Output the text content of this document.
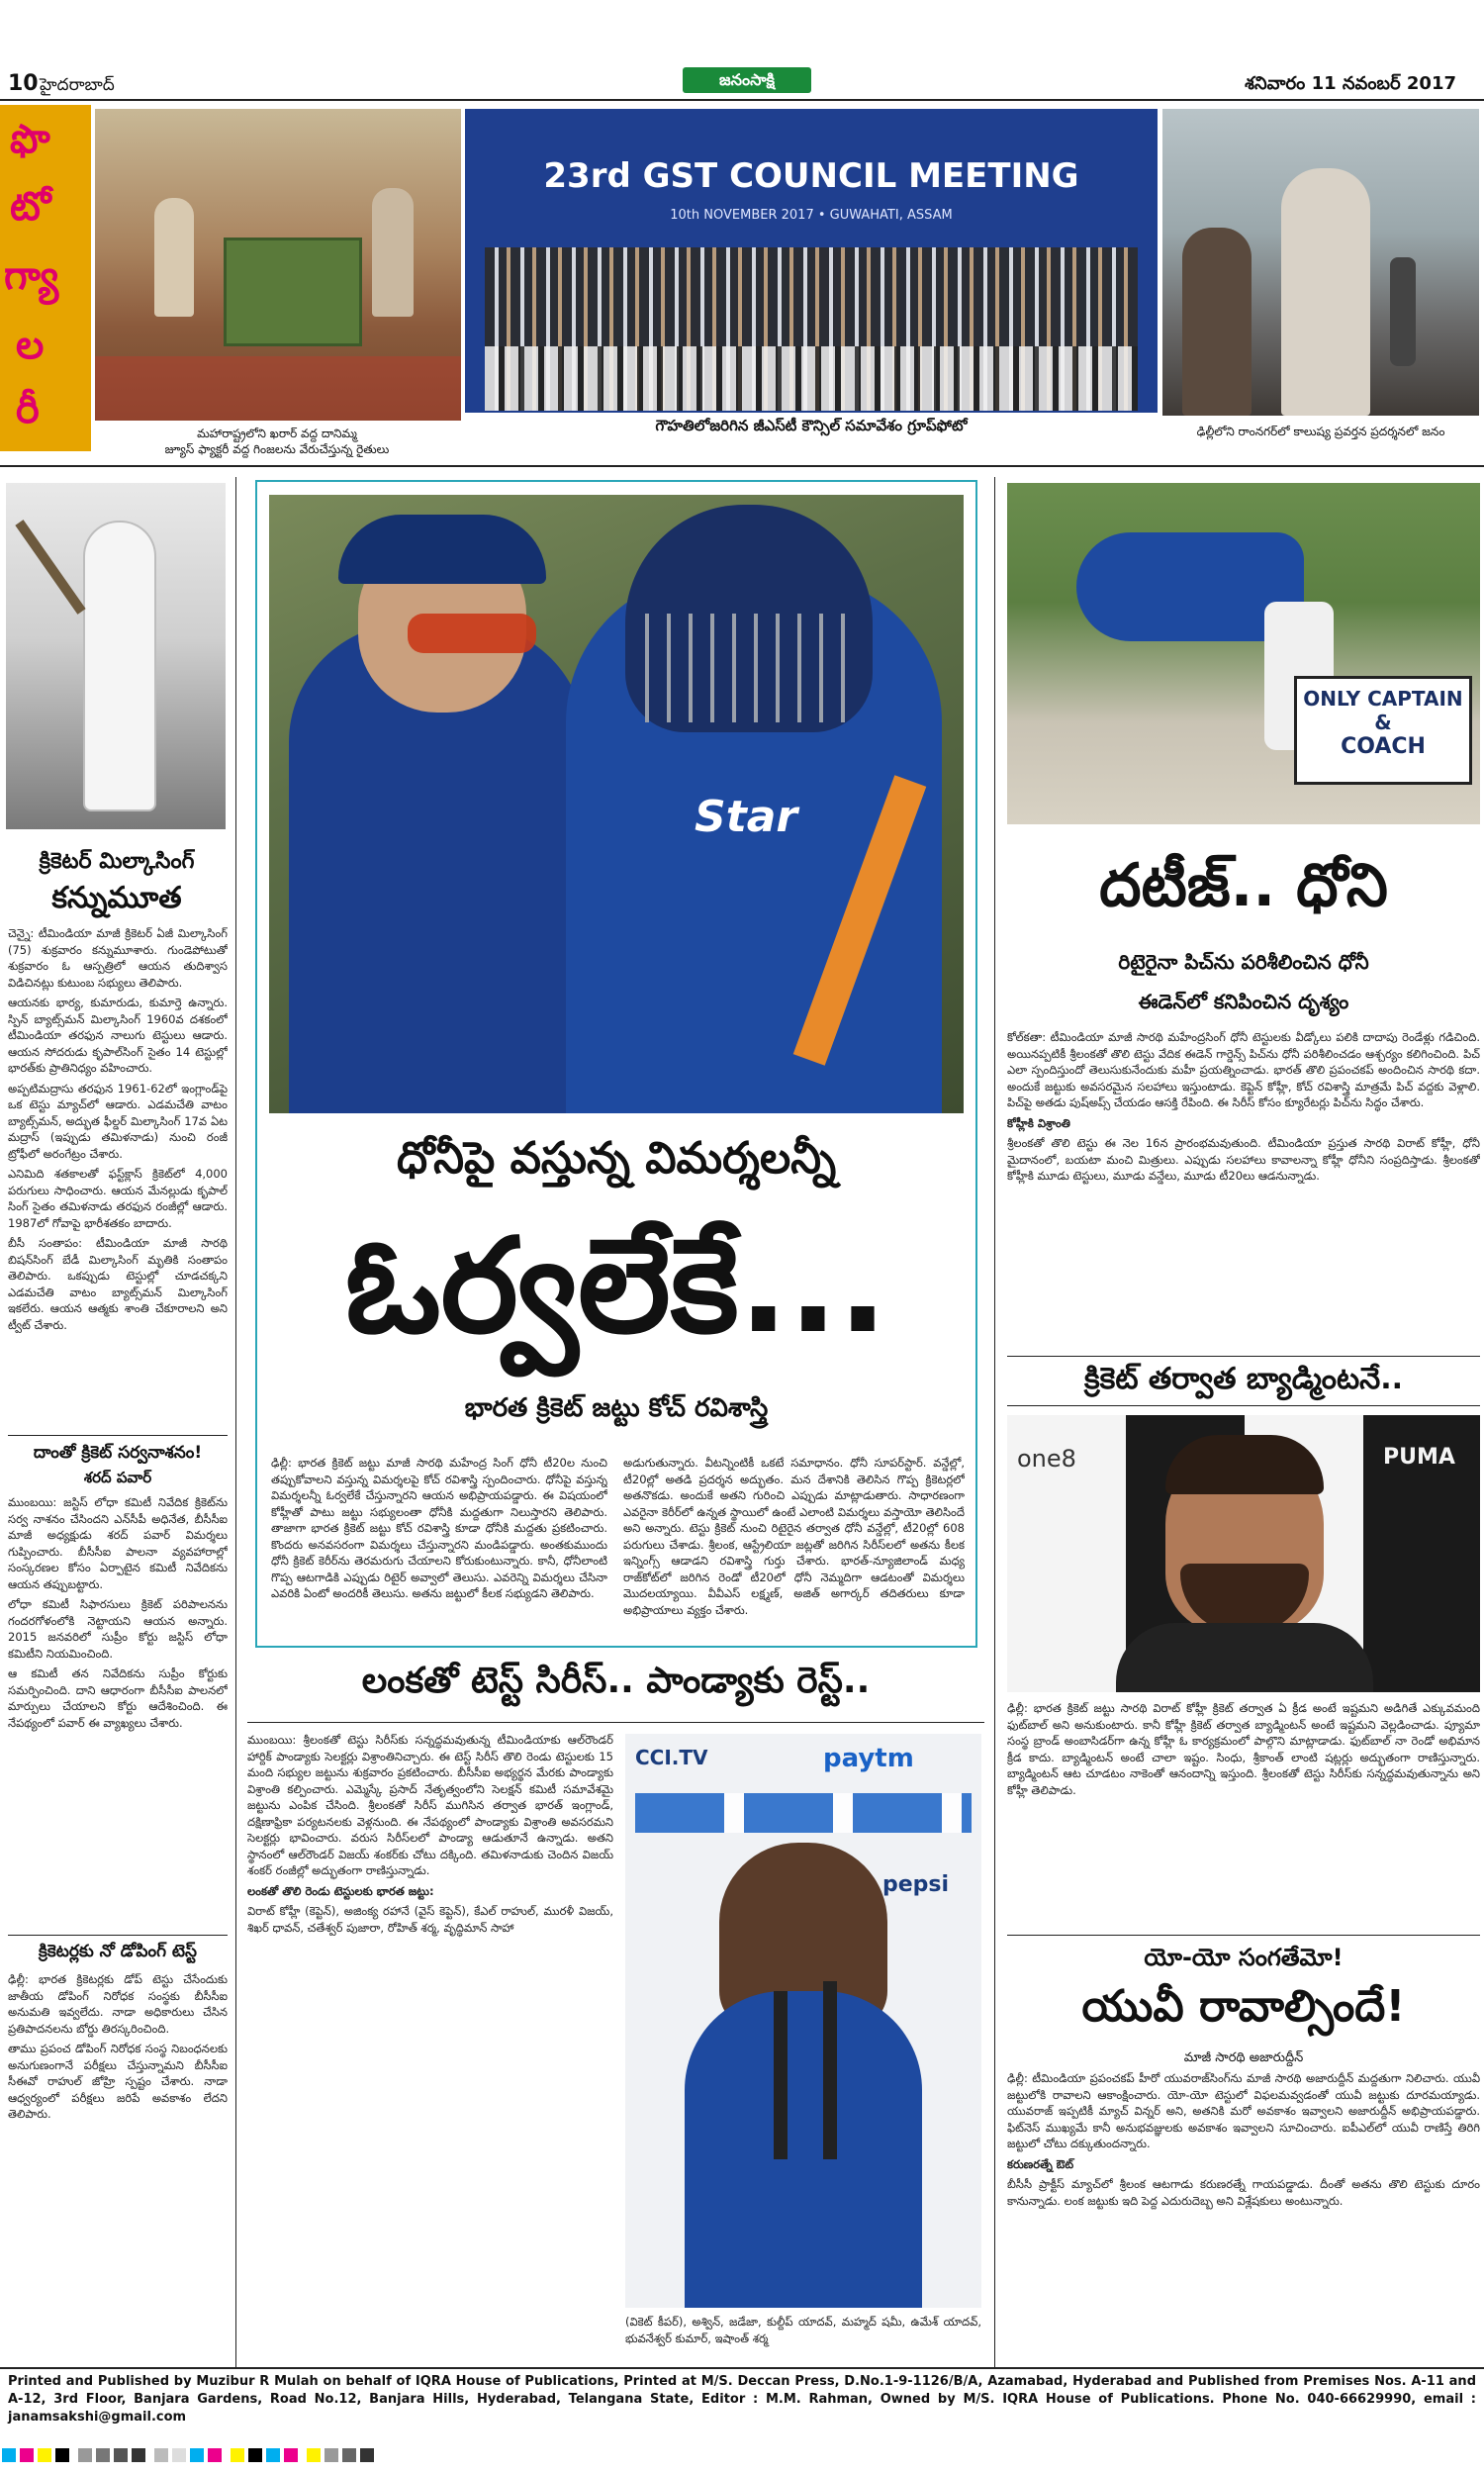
10 హైదరాబాద్	జనంసాక్షి	శనివారం 11 నవంబర్ 2017
ఫొ
టో
గ్యా
ల
రీ
మహారాష్ట్రలోని ఖరార్ వద్ద దానిమ్మ
జ్యూస్ ఫ్యాక్టరీ వద్ద గింజలను వేరుచేస్తున్న రైతులు
23rd GST COUNCIL MEETING
10th NOVEMBER 2017 • GUWAHATI, ASSAM
గౌహతిలోజరిగిన జీఎస్‌టీ కౌన్సిల్ సమావేశం గ్రూప్‌ఫోటో	ఢిల్లీలోని రాంనగర్‌లో కాలుష్య ప్రవర్తన ప్రదర్శనలో జనం
క్రికెటర్ మిల్కాసింగ్
కన్నుమూత

చెన్నై: టీమిండియా మాజీ క్రికెటర్ ఏజీ మిల్కాసింగ్ (75) శుక్రవారం కన్నుమూశారు. గుండెపోటుతో శుక్రవారం ఓ ఆస్పత్రిలో ఆయన తుదిశ్వాస విడిచినట్లు కుటుంబ సభ్యులు తెలిపారు.

ఆయనకు భార్య, కుమారుడు, కుమార్తె ఉన్నారు. స్పిన్ బ్యాట్స్‌మన్ మిల్కాసింగ్ 1960వ దశకంలో టీమిండియా తరఫున నాలుగు టెస్టులు ఆడారు. ఆయన సోదరుడు కృపాల్‌సింగ్ సైతం 14 టెస్టుల్లో భారత్‌కు ప్రాతినిధ్యం వహించారు.

అప్పటిమద్రాసు తరఫున 1961-62లో ఇంగ్లాండ్‌పై ఒక టెస్టు మ్యాచ్‌లో ఆడారు. ఎడమచేతి వాటం బ్యాట్స్‌మన్, అద్భుత ఫీల్డర్ మిల్కాసింగ్ 17వ ఏట మద్రాస్ (ఇప్పుడు తమిళనాడు) నుంచి రంజీ ట్రోఫీలో అరంగేట్రం చేశారు.

ఎనిమిది శతకాలతో ఫస్ట్‌క్లాస్ క్రికెట్‌లో 4,000 పరుగులు సాధించారు. ఆయన మేనల్లుడు కృపాల్ సింగ్ సైతం తమిళనాడు తరఫున రంజీల్లో ఆడారు. 1987లో గోవాపై భారీశతకం బాదారు.

బీసీ సంతాపం: టీమిండియా మాజీ సారథి బిషన్‌సింగ్ బేడీ మిల్కాసింగ్ మృతికి సంతాపం తెలిపారు. ఒకప్పుడు టెస్టుల్లో చూడచక్కని ఎడమచేతి వాటం బ్యాట్స్‌మన్ మిల్కాసింగ్ ఇకలేరు. ఆయన ఆత్మకు శాంతి చేకూరాలని అని ట్వీట్ చేశారు.

దాంతో క్రికెట్ సర్వనాశనం!
శరద్ పవార్

ముంబయి: జస్టిస్ లోధా కమిటీ నివేదిక క్రికెట్‌ను సర్వ నాశనం చేసిందని ఎన్‌సీపీ అధినేత, బీసీసీఐ మాజీ అధ్యక్షుడు శరద్ పవార్ విమర్శలు గుప్పించారు. బీసీసీఐ పాలనా వ్యవహారాల్లో సంస్కరణల కోసం ఏర్పాటైన కమిటీ నివేదికను ఆయన తప్పుబట్టారు.

లోధా కమిటీ సిఫారసులు క్రికెట్ పరిపాలనను గందరగోళంలోకి నెట్టాయని ఆయన అన్నారు. 2015 జనవరిలో సుప్రీం కోర్టు జస్టిస్ లోధా కమిటీని నియమించింది.

ఆ కమిటీ తన నివేదికను సుప్రీం కోర్టుకు సమర్పించింది. దాని ఆధారంగా బీసీసీఐ పాలనలో మార్పులు చేయాలని కోర్టు ఆదేశించింది. ఈ నేపథ్యంలో పవార్ ఈ వ్యాఖ్యలు చేశారు.

క్రికెటర్లకు నో డోపింగ్ టెస్ట్

ఢిల్లీ: భారత క్రికెటర్లకు డోప్ టెస్టు చేసేందుకు జాతీయ డోపింగ్ నిరోధక సంస్థకు బీసీసీఐ అనుమతి ఇవ్వలేదు. నాడా అధికారులు చేసిన ప్రతిపాదనలను బోర్డు తిరస్కరించింది.

తాము ప్రపంచ డోపింగ్ నిరోధక సంస్థ నిబంధనలకు అనుగుణంగానే పరీక్షలు చేస్తున్నామని బీసీసీఐ సీఈవో రాహుల్ జోహ్రి స్పష్టం చేశారు. నాడా ఆధ్వర్యంలో పరీక్షలు జరిపే అవకాశం లేదని తెలిపారు.

Star
ధోనీపై వస్తున్న విమర్శలన్నీ
ఓర్వలేకే...
భారత క్రికెట్ జట్టు కోచ్ రవిశాస్త్రి
ఢిల్లీ: భారత క్రికెట్ జట్టు మాజీ సారథి మహేంద్ర సింగ్ ధోనీ టీ20ల నుంచి తప్పుకోవాలని వస్తున్న విమర్శలపై కోచ్ రవిశాస్త్రి స్పందించారు. ధోనీపై వస్తున్న విమర్శలన్నీ ఓర్వలేకే చేస్తున్నారని ఆయన అభిప్రాయపడ్డారు. ఈ విషయంలో కోహ్లీతో పాటు జట్టు సభ్యులంతా ధోనీకి మద్దతుగా నిలుస్తారని తెలిపారు. తాజాగా భారత క్రికెట్ జట్టు కోచ్ రవిశాస్త్రి కూడా ధోనీకి మద్దతు ప్రకటించారు. కొందరు అనవసరంగా విమర్శలు చేస్తున్నారని మండిపడ్డారు. అంతకుముందు ధోనీ క్రికెట్ కెరీర్‌ను తెరమరుగు చేయాలని కోరుకుంటున్నారు. కానీ, ధోనీలాంటి గొప్ప ఆటగాడికి ఎప్పుడు రిటైర్ అవ్వాలో తెలుసు. ఎవరెన్ని విమర్శలు చేసినా ఎవరికి ఏంటో అందరికీ తెలుసు. అతను జట్టులో కీలక సభ్యుడని తెలిపారు.
అడుగుతున్నారు. వీటన్నింటికీ ఒకటే సమాధానం. ధోనీ సూపర్‌స్టార్. వన్డేల్లో, టీ20ల్లో అతడి ప్రదర్శన అద్భుతం. మన దేశానికి తెలిసిన గొప్ప క్రికెటర్లలో అతనొకడు. అందుకే అతని గురించి ఎప్పుడు మాట్లాడుతారు. సాధారణంగా ఎవరైనా కెరీర్‌లో ఉన్నత స్థాయిలో ఉంటే ఎలాంటి విమర్శలు వస్తాయో తెలిసిందే అని అన్నారు. టెస్టు క్రికెట్ నుంచి రిటైరైన తర్వాత ధోనీ వన్డేల్లో, టీ20ల్లో 608 పరుగులు చేశాడు. శ్రీలంక, ఆస్ట్రేలియా జట్లతో జరిగిన సిరీస్‌లలో అతను కీలక ఇన్నింగ్స్ ఆడాడని రవిశాస్త్రి గుర్తు చేశారు. భారత్-న్యూజిలాండ్ మధ్య రాజ్‌కోట్‌లో జరిగిన రెండో టీ20లో ధోనీ నెమ్మదిగా ఆడటంతో విమర్శలు మొదలయ్యాయి. వీవీఎస్ లక్ష్మణ్, అజిత్ అగార్కర్ తదితరులు కూడా అభిప్రాయాలు వ్యక్తం చేశారు.
లంకతో టెస్ట్ సిరీస్.. పాండ్యాకు రెస్ట్..

ముంబయి: శ్రీలంకతో టెస్టు సిరీస్‌కు సన్నద్ధమవుతున్న టీమిండియాకు ఆల్‌రౌండర్ హార్దిక్ పాండ్యాకు సెలక్టర్లు విశ్రాంతినిచ్చారు. ఈ టెస్ట్ సిరీస్ తొలి రెండు టెస్టులకు 15 మంది సభ్యుల జట్టును శుక్రవారం ప్రకటించారు. బీసీసీఐ అభ్యర్థన మేరకు పాండ్యాకు విశ్రాంతి కల్పించారు. ఎమ్మెస్కే ప్రసాద్ నేతృత్వంలోని సెలక్షన్ కమిటీ సమావేశమై జట్టును ఎంపిక చేసింది. శ్రీలంకతో సిరీస్ ముగిసిన తర్వాత భారత్ ఇంగ్లాండ్, దక్షిణాఫ్రికా పర్యటనలకు వెళ్లనుంది. ఈ నేపథ్యంలో పాండ్యాకు విశ్రాంతి అవసరమని సెలక్టర్లు భావించారు. వరుస సిరీస్‌లలో పాండ్యా ఆడుతూనే ఉన్నాడు. అతని స్థానంలో ఆల్‌రౌండర్ విజయ్ శంకర్‌కు చోటు దక్కింది. తమిళనాడుకు చెందిన విజయ్ శంకర్ రంజీల్లో అద్భుతంగా రాణిస్తున్నాడు.

లంకతో తొలి రెండు టెస్టులకు భారత జట్టు:

విరాట్ కోహ్లీ (కెప్టెన్), అజింక్య రహానే (వైస్ కెప్టెన్), కేఎల్ రాహుల్, మురళీ విజయ్, శిఖర్ ధావన్, చతేశ్వర్ పుజారా, రోహిత్ శర్మ, వృద్ధిమాన్ సాహా

CCI.TV	paytm
pepsi
(వికెట్ కీపర్), అశ్విన్, జడేజా, కుల్దీప్ యాదవ్, మహ్మద్ షమీ, ఉమేశ్ యాదవ్, భువనేశ్వర్ కుమార్, ఇషాంత్ శర్మ
ONLY CAPTAIN
&
COACH
దటీజ్.. ధోని
రిటైరైనా పిచ్‌ను పరిశీలించిన ధోనీ
ఈడెన్‌లో కనిపించిన దృశ్యం

కోల్‌కతా: టీమిండియా మాజీ సారథి మహేంద్రసింగ్ ధోనీ టెస్టులకు వీడ్కోలు పలికి దాదాపు రెండేళ్లు గడిచింది. అయినప్పటికీ శ్రీలంకతో తొలి టెస్టు వేదిక ఈడెన్ గార్డెన్స్ పిచ్‌ను ధోనీ పరిశీలించడం ఆశ్చర్యం కలిగించింది. పిచ్ ఎలా స్పందిస్తుందో తెలుసుకునేందుకు మహీ ప్రయత్నించాడు. భారత్ తొలి ప్రపంచకప్ అందించిన సారథి కదా. అందుకే జట్టుకు అవసరమైన సలహాలు ఇస్తుంటాడు. కెప్టెన్ కోహ్లీ, కోచ్ రవిశాస్త్రి మాత్రమే పిచ్ వద్దకు వెళ్లాలి. పిచ్‌పై అతడు పుష్‌అప్స్ చేయడం ఆసక్తి రేపింది. ఈ సిరీస్ కోసం క్యూరేటర్లు పిచ్‌ను సిద్ధం చేశారు.

కోహ్లీకి విశ్రాంతి

శ్రీలంకతో తొలి టెస్టు ఈ నెల 16న ప్రారంభమవుతుంది. టీమిండియా ప్రస్తుత సారథి విరాట్ కోహ్లీ, ధోనీ మైదానంలో, బయటా మంచి మిత్రులు. ఎప్పుడు సలహాలు కావాలన్నా కోహ్లీ ధోనీని సంప్రదిస్తాడు. శ్రీలంకతో కోహ్లీకి మూడు టెస్టులు, మూడు వన్డేలు, మూడు టీ20లు ఆడనున్నాడు.

క్రికెట్ తర్వాత బ్యాడ్మింటనే..
one8	PUMA
ఢిల్లీ: భారత క్రికెట్ జట్టు సారథి విరాట్ కోహ్లీ క్రికెట్ తర్వాత ఏ క్రీడ అంటే ఇష్టమని అడిగితే ఎక్కువమంది ఫుట్‌బాల్ అని అనుకుంటారు. కానీ కోహ్లీ క్రికెట్ తర్వాత బ్యాడ్మింటన్ అంటే ఇష్టమని వెల్లడించాడు. ప్యూమా సంస్థ బ్రాండ్ అంబాసిడర్‌గా ఉన్న కోహ్లీ ఓ కార్యక్రమంలో పాల్గొని మాట్లాడాడు. ఫుట్‌బాల్ నా రెండో అభిమాన క్రీడ కాదు. బ్యాడ్మింటన్ అంటే చాలా ఇష్టం. సింధు, శ్రీకాంత్ లాంటి షట్లర్లు అద్భుతంగా రాణిస్తున్నారు. బ్యాడ్మింటన్ ఆట చూడటం నాకెంతో ఆనందాన్ని ఇస్తుంది. శ్రీలంకతో టెస్టు సిరీస్‌కు సన్నద్ధమవుతున్నాను అని కోహ్లీ తెలిపాడు.
యో-యో సంగతేమో!
యువీ రావాల్సిందే!
మాజీ సారథి అజారుద్దీన్

ఢిల్లీ: టీమిండియా ప్రపంచకప్ హీరో యువరాజ్‌సింగ్‌ను మాజీ సారథి అజారుద్దీన్ మద్దతుగా నిలిచారు. యువీ జట్టులోకి రావాలని ఆకాంక్షించారు. యో-యో టెస్టులో విఫలమవ్వడంతో యువీ జట్టుకు దూరమయ్యాడు. యువరాజ్ ఇప్పటికీ మ్యాచ్ విన్నర్ అని, అతనికి మరో అవకాశం ఇవ్వాలని అజారుద్దీన్ అభిప్రాయపడ్డారు. ఫిట్‌నెస్ ముఖ్యమే కానీ అనుభవజ్ఞులకు అవకాశం ఇవ్వాలని సూచించారు. ఐపీఎల్‌లో యువీ రాణిస్తే తిరిగి జట్టులో చోటు దక్కుతుందన్నారు.

కరుణరత్నే ఔట్

బీసీసీ ప్రాక్టీస్ మ్యాచ్‌లో శ్రీలంక ఆటగాడు కరుణరత్నే గాయపడ్డాడు. దీంతో అతను తొలి టెస్టుకు దూరం కానున్నాడు. లంక జట్టుకు ఇది పెద్ద ఎదురుదెబ్బ అని విశ్లేషకులు అంటున్నారు.

Printed and Published by Muzibur R Mulah on behalf of IQRA House of Publications, Printed at M/S. Deccan Press, D.No.1-9-1126/B/A, Azamabad, Hyderabad and Published from Premises Nos. A-11 and A-12, 3rd Floor, Banjara Gardens, Road No.12, Banjara Hills, Hyderabad, Telangana State, Editor : M.M. Rahman, Owned by M/S. IQRA House of Publications. Phone No. 040-66629990, email : janamsakshi@gmail.com
